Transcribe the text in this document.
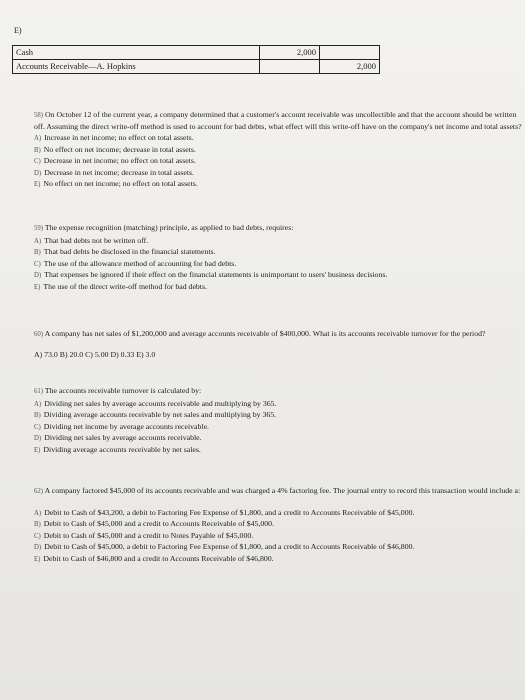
E)
Cash	2,000	
Accounts Receivable—A. Hopkins		2,000

58) On October 12 of the current year, a company determined that a customer's account receivable was uncollectible and that the account should be written off. Assuming the direct write-off method is used to account for bad debts, what effect will this write-off have on the company's net income and total assets?

A) Increase in net income; no effect on total assets.
B) No effect on net income; decrease in total assets.
C) Decrease in net income; no effect on total assets.
D) Decrease in net income; decrease in total assets.
E) No effect on net income; no effect on total assets.

59) The expense recognition (matching) principle, as applied to bad debts, requires:

A) That bad debts not be written off.
B) That bad debts be disclosed in the financial statements.
C) The use of the allowance method of accounting for bad debts.
D) That expenses be ignored if their effect on the financial statements is unimportant to users' business decisions.
E) The use of the direct write-off method for bad debts.

60) A company has net sales of $1,200,000 and average accounts receivable of $400,000. What is its accounts receivable turnover for the period?

A) 73.0 B) 20.0 C) 5.00 D) 0.33 E) 3.0

61) The accounts receivable turnover is calculated by:

A) Dividing net sales by average accounts receivable and multiplying by 365.
B) Dividing average accounts receivable by net sales and multiplying by 365.
C) Dividing net income by average accounts receivable.
D) Dividing net sales by average accounts receivable.
E) Dividing average accounts receivable by net sales.

62) A company factored $45,000 of its accounts receivable and was charged a 4% factoring fee. The journal entry to record this transaction would include a:

A) Debit to Cash of $43,200, a debit to Factoring Fee Expense of $1,800, and a credit to Accounts Receivable of $45,000.
B) Debit to Cash of $45,000 and a credit to Accounts Receivable of $45,000.
C) Debit to Cash of $45,000 and a credit to Notes Payable of $45,000.
D) Debit to Cash of $45,000, a debit to Factoring Fee Expense of $1,800, and a credit to Accounts Receivable of $46,800.
E) Debit to Cash of $46,800 and a credit to Accounts Receivable of $46,800.
